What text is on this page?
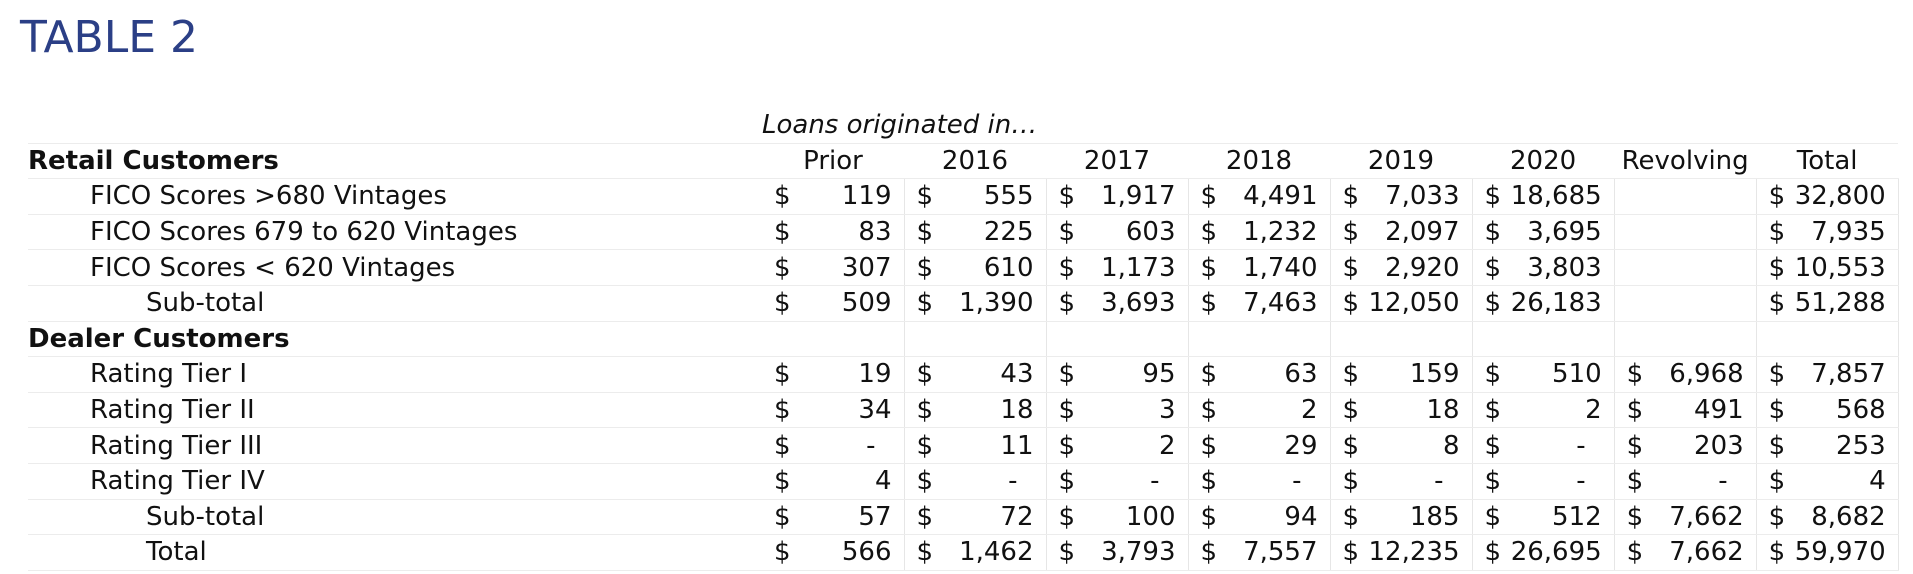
TABLE 2
	Loans originated in…															
Retail Customers	Prior		2016		2017		2018		2019		2020		Revolving		Total	
FICO Scores >680 Vintages	$	119	$	555	$	1,917	$	4,491	$	7,033	$	18,685			$	32,800
FICO Scores 679 to 620 Vintages	$	83	$	225	$	603	$	1,232	$	2,097	$	3,695			$	7,935
FICO Scores < 620 Vintages	$	307	$	610	$	1,173	$	1,740	$	2,920	$	3,803			$	10,553
Sub-total	$	509	$	1,390	$	3,693	$	7,463	$	12,050	$	26,183			$	51,288
Dealer Customers																
Rating Tier I	$	19	$	43	$	95	$	63	$	159	$	510	$	6,968	$	7,857
Rating Tier II	$	34	$	18	$	3	$	2	$	18	$	2	$	491	$	568
Rating Tier III	$	-	$	11	$	2	$	29	$	8	$	-	$	203	$	253
Rating Tier IV	$	4	$	-	$	-	$	-	$	-	$	-	$	-	$	4
Sub-total	$	57	$	72	$	100	$	94	$	185	$	512	$	7,662	$	8,682
Total	$	566	$	1,462	$	3,793	$	7,557	$	12,235	$	26,695	$	7,662	$	59,970
